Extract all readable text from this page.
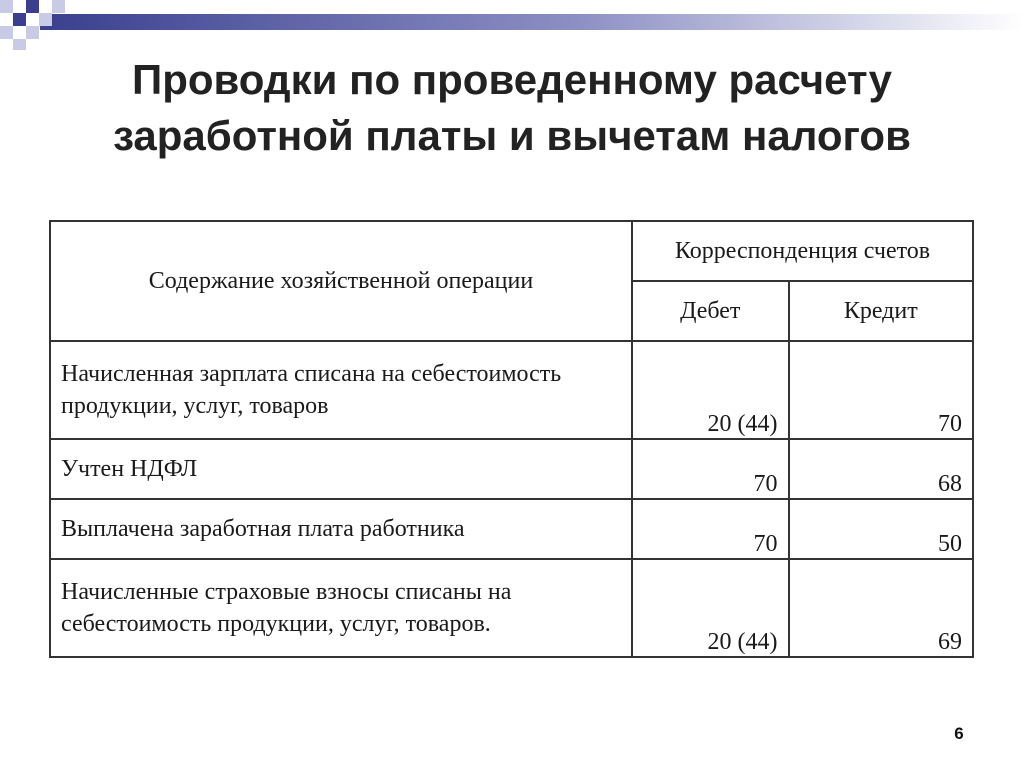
Проводки по проведенному расчету
заработной платы и вычетам налогов
Содержание хозяйственной операции	Корреспонденция счетов	
	Дебет	Кредит
Начисленная зарплата списана на себестоимость продукции, услуг, товаров	20 (44)	70
Учтен НДФЛ	70	68
Выплачена заработная плата работника	70	50
Начисленные страховые взносы списаны на себестоимость продукции, услуг, товаров.	20 (44)	69
6
